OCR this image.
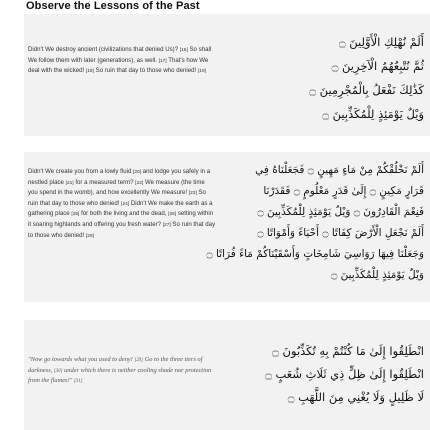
Observe the Lessons of the Past
Didn't We destroy ancient (civilizations that denied Us)? [16] So shall We follow them with later (generations), as well. [17] That's how We deal with the wicked! [18] So ruin that day to those who denied! [19]
أَلَمْ نُهْلِكِ الْأَوَّلِينَ ۝
ثُمَّ نُتْبِعُهُمُ الْآخِرِينَ ۝
كَذَٰلِكَ نَفْعَلُ بِالْمُجْرِمِينَ ۝
وَيْلٌ يَوْمَئِذٍ لِلْمُكَذِّبِينَ ۝
Didn't We create you from a lowly fluid [20] and lodge you safely in a nestled place [21] for a measured term? [22] We measure (the time you spend in the womb), and how excellently We measure! [23] So ruin that day to those who denied! [24] Didn't We make the earth as a gathering place [25] for both the living and the dead, [26] setting within it soaring highlands and offering you fresh water? [27] So ruin that day to those who denied! [28]
أَلَمْ نَخْلُقْكُمْ مِنْ مَاءٍ مَهِينٍ ۝ فَجَعَلْنَاهُ فِي
قَرَارٍ مَكِينٍ ۝ إِلَىٰ قَدَرٍ مَعْلُومٍ ۝ فَقَدَرْنَا
فَنِعْمَ الْقَادِرُونَ ۝ وَيْلٌ يَوْمَئِذٍ لِلْمُكَذِّبِينَ ۝
أَلَمْ نَجْعَلِ الْأَرْضَ كِفَاتًا ۝ أَحْيَاءً وَأَمْوَاتًا ۝
وَجَعَلْنَا فِيهَا رَوَاسِيَ شَامِخَاتٍ وَأَسْقَيْنَاكُمْ مَاءً فُرَاتًا ۝
وَيْلٌ يَوْمَئِذٍ لِلْمُكَذِّبِينَ ۝
"Now go towards what you used to deny! [29] Go to the three tiers of darkness, [30] under which there is neither cooling shade nor protection from the flames!" [31]
انْطَلِقُوا إِلَىٰ مَا كُنْتُمْ بِهِ تُكَذِّبُونَ ۝
انْطَلِقُوا إِلَىٰ ظِلٍّ ذِي ثَلَاثِ شُعَبٍ ۝
لَا ظَلِيلٍ وَلَا يُغْنِي مِنَ اللَّهَبِ ۝
